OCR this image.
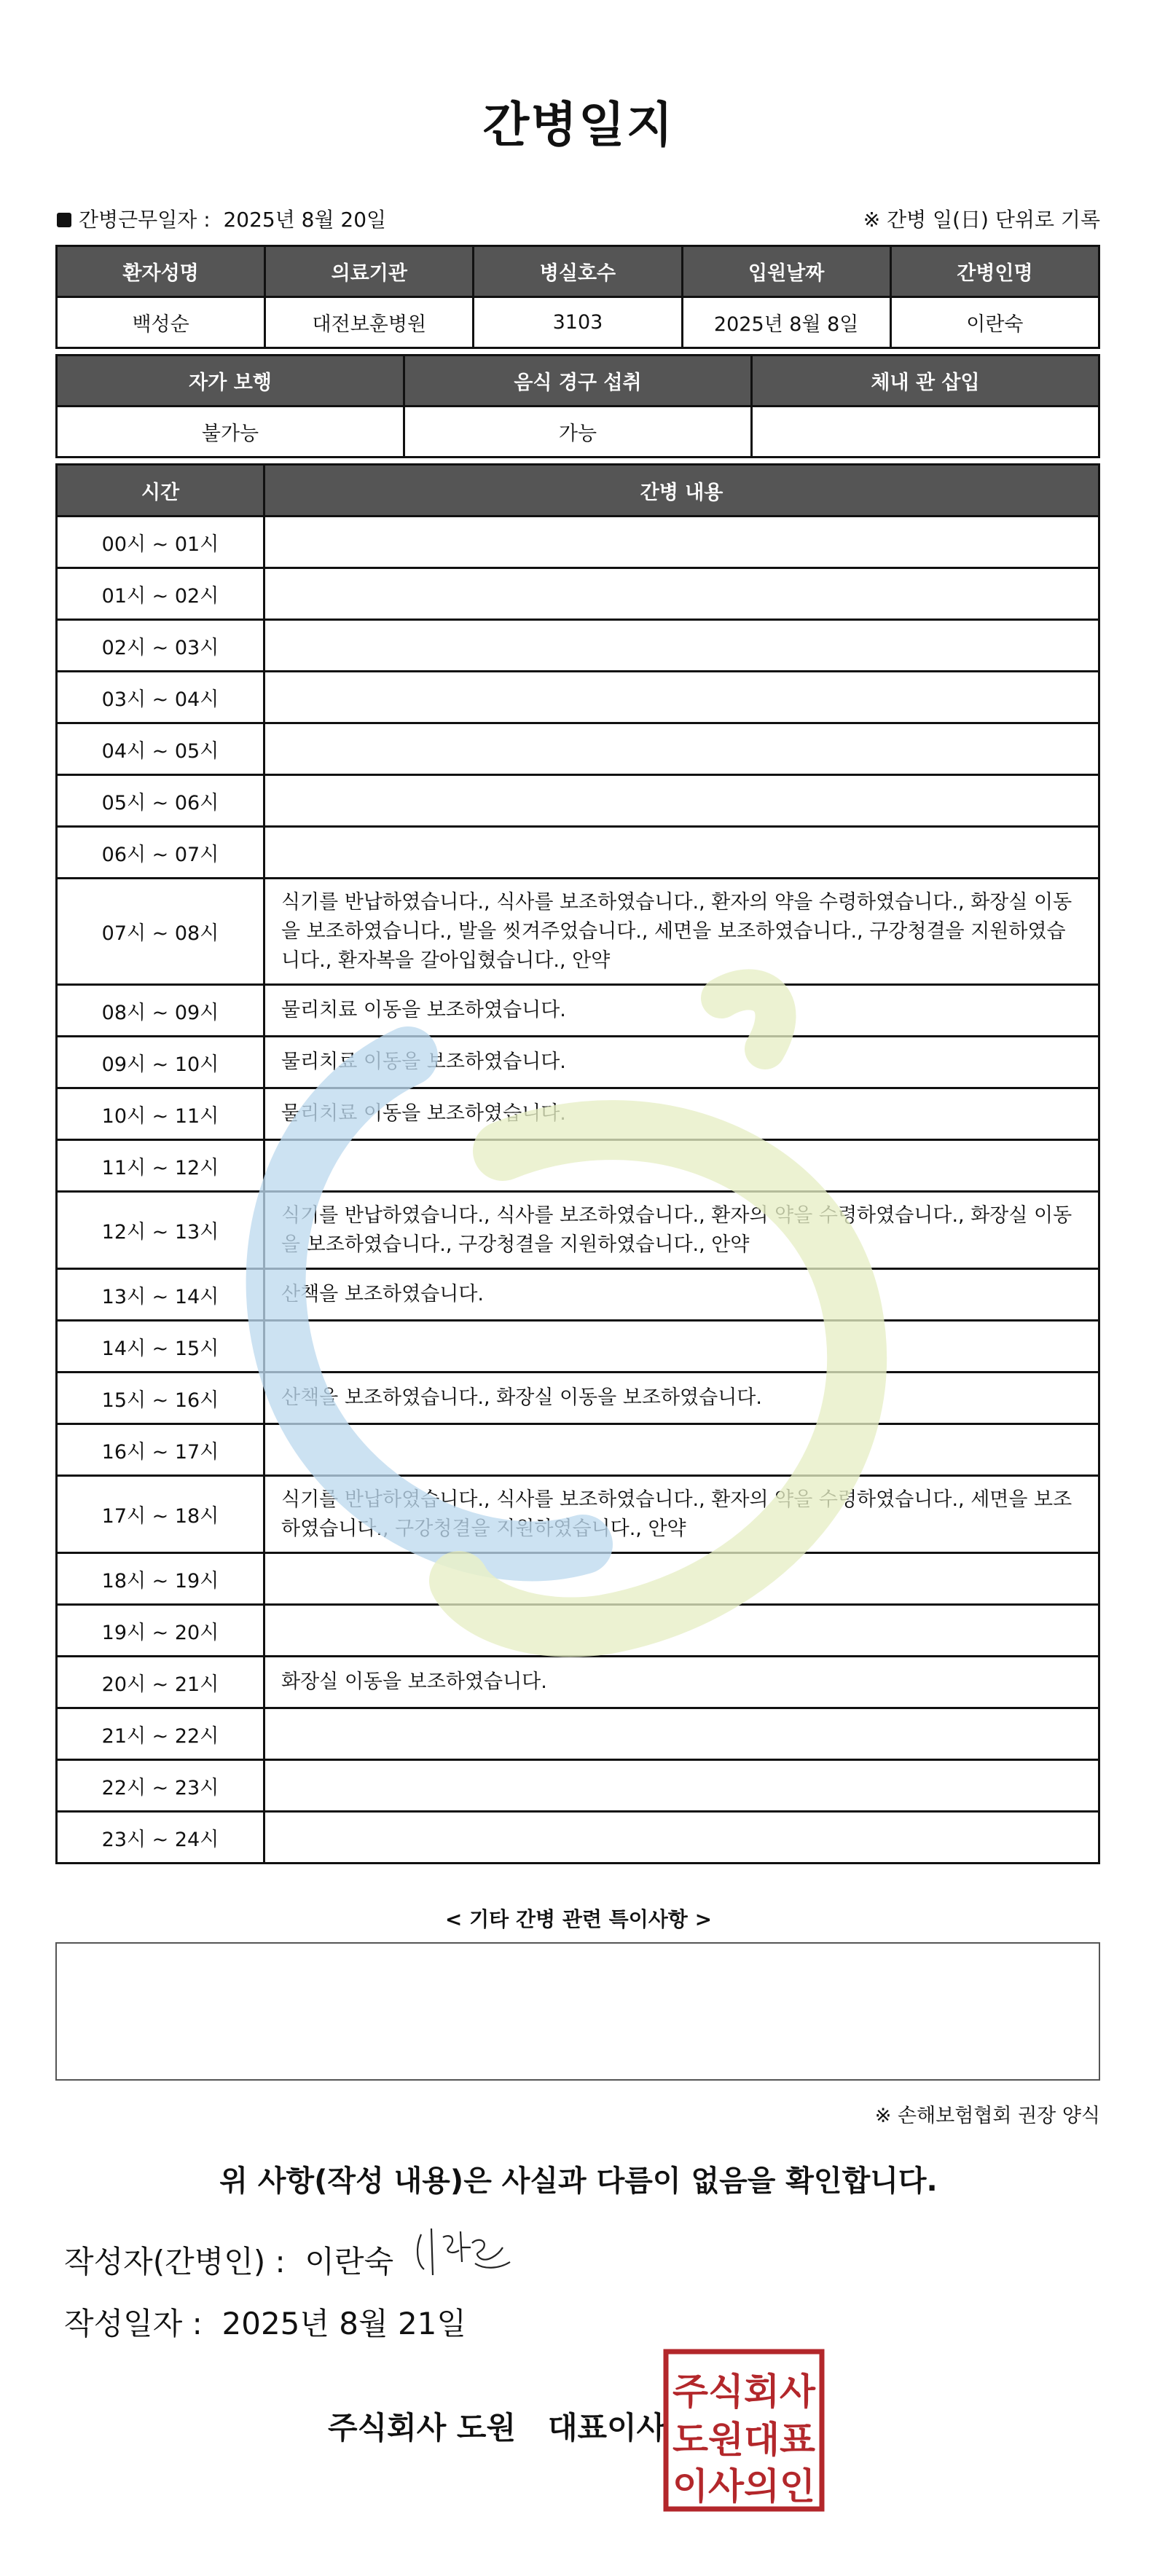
간병일지
간병근무일자 : 2025년 8월 20일	※ 간병 일(日) 단위로 기록
환자성명	의료기관	병실호수	입원날짜	간병인명
백성순	대전보훈병원	3103	2025년 8월 8일	이란숙
자가 보행	음식 경구 섭취	체내 관 삽입
불가능	가능	
시간	간병 내용
00시 ~ 01시	
01시 ~ 02시	
02시 ~ 03시	
03시 ~ 04시	
04시 ~ 05시	
05시 ~ 06시	
06시 ~ 07시	
07시 ~ 08시	식기를 반납하였습니다., 식사를 보조하였습니다., 환자의 약을 수령하였습니다., 화장실 이동을 보조하였습니다., 발을 씻겨주었습니다., 세면을 보조하였습니다., 구강청결을 지원하였습니다., 환자복을 갈아입혔습니다., 안약
08시 ~ 09시	물리치료 이동을 보조하였습니다.
09시 ~ 10시	물리치료 이동을 보조하였습니다.
10시 ~ 11시	물리치료 이동을 보조하였습니다.
11시 ~ 12시	
12시 ~ 13시	식기를 반납하였습니다., 식사를 보조하였습니다., 환자의 약을 수령하였습니다., 화장실 이동을 보조하였습니다., 구강청결을 지원하였습니다., 안약
13시 ~ 14시	산책을 보조하였습니다.
14시 ~ 15시	
15시 ~ 16시	산책을 보조하였습니다., 화장실 이동을 보조하였습니다.
16시 ~ 17시	
17시 ~ 18시	식기를 반납하였습니다., 식사를 보조하였습니다., 환자의 약을 수령하였습니다., 세면을 보조하였습니다., 구강청결을 지원하였습니다., 안약
18시 ~ 19시	
19시 ~ 20시	
20시 ~ 21시	화장실 이동을 보조하였습니다.
21시 ~ 22시	
22시 ~ 23시	
23시 ~ 24시	
< 기타 간병 관련 특이사항 >
※ 손해보험협회 권장 양식
위 사항(작성 내용)은 사실과 다름이 없음을 확인합니다.
작성자(간병인) : 이란숙
작성일자 : 2025년 8월 21일
주식회사 도원 대표이사
주식회사
도원대표
이사의인
